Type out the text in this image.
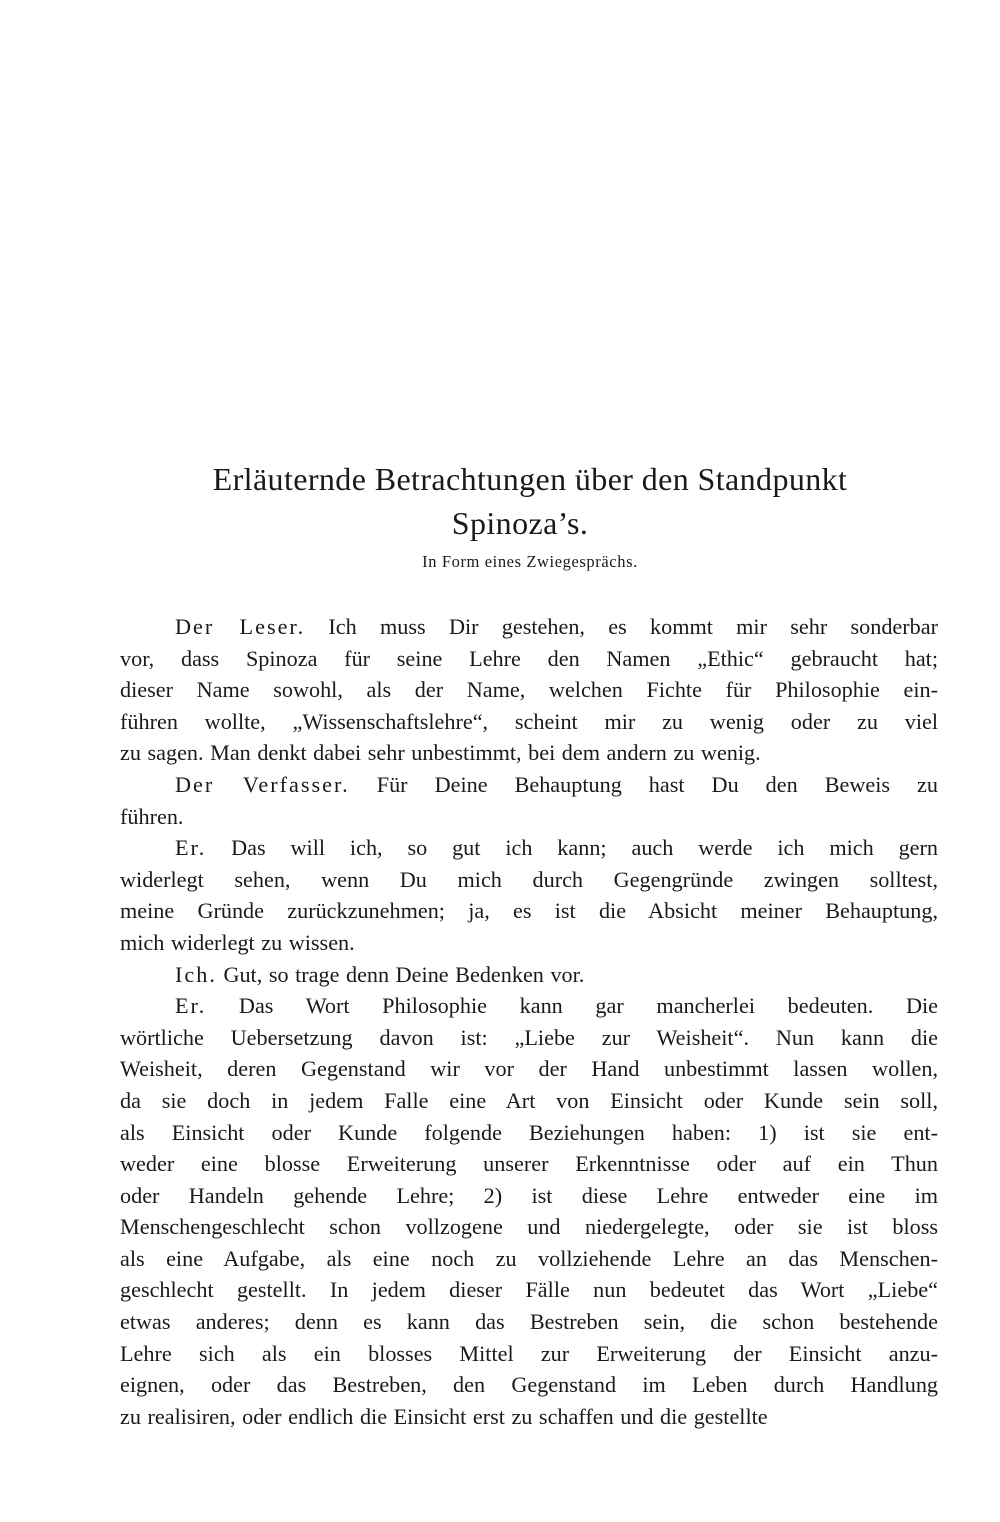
Erläuternde Betrachtungen über den Standpunkt
Spinoza’s.
In Form eines Zwiegesprächs.
Der Leser. Ich muss Dir gestehen, es kommt mir sehr sonderbar
vor, dass Spinoza für seine Lehre den Namen „Ethic“ gebraucht hat;
dieser Name sowohl, als der Name, welchen Fichte für Philosophie ein-
führen wollte, „Wissenschaftslehre“, scheint mir zu wenig oder zu viel
zu sagen. Man denkt dabei sehr unbestimmt, bei dem andern zu wenig.
Der Verfasser. Für Deine Behauptung hast Du den Beweis zu
führen.
Er. Das will ich, so gut ich kann; auch werde ich mich gern
widerlegt sehen, wenn Du mich durch Gegengründe zwingen solltest,
meine Gründe zurückzunehmen; ja, es ist die Absicht meiner Behauptung,
mich widerlegt zu wissen.
Ich. Gut, so trage denn Deine Bedenken vor.
Er. Das Wort Philosophie kann gar mancherlei bedeuten. Die
wörtliche Uebersetzung davon ist: „Liebe zur Weisheit“. Nun kann die
Weisheit, deren Gegenstand wir vor der Hand unbestimmt lassen wollen,
da sie doch in jedem Falle eine Art von Einsicht oder Kunde sein soll,
als Einsicht oder Kunde folgende Beziehungen haben: 1) ist sie ent-
weder eine blosse Erweiterung unserer Erkenntnisse oder auf ein Thun
oder Handeln gehende Lehre; 2) ist diese Lehre entweder eine im
Menschengeschlecht schon vollzogene und niedergelegte, oder sie ist bloss
als eine Aufgabe, als eine noch zu vollziehende Lehre an das Menschen-
geschlecht gestellt. In jedem dieser Fälle nun bedeutet das Wort „Liebe“
etwas anderes; denn es kann das Bestreben sein, die schon bestehende
Lehre sich als ein blosses Mittel zur Erweiterung der Einsicht anzu-
eignen, oder das Bestreben, den Gegenstand im Leben durch Handlung
zu realisiren, oder endlich die Einsicht erst zu schaffen und die gestellte
